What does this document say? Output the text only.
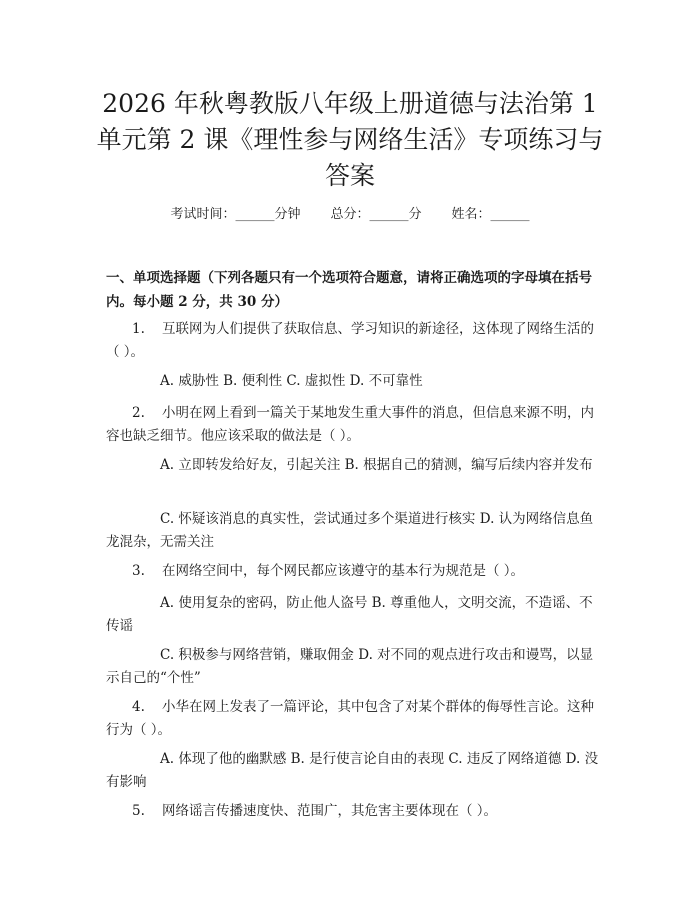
2026 年秋粤教版八年级上册道德与法治第 1 单元第 2 课《理性参与网络生活》专项练习与答案
考试时间：______分钟 总分：______分 姓名：______

一、单项选择题（下列各题只有一个选项符合题意，请将正确选项的字母填在括号内。每小题 2 分，共 30 分）

1. 互联网为人们提供了获取信息、学习知识的新途径，这体现了网络生活的（ ）。

A. 威胁性 B. 便利性 C. 虚拟性 D. 不可靠性

2. 小明在网上看到一篇关于某地发生重大事件的消息，但信息来源不明，内容也缺乏细节。他应该采取的做法是（ ）。

A. 立即转发给好友，引起关注 B. 根据自己的猜测，编写后续内容并发布

C. 怀疑该消息的真实性，尝试通过多个渠道进行核实 D. 认为网络信息鱼龙混杂，无需关注

3. 在网络空间中，每个网民都应该遵守的基本行为规范是（ ）。

A. 使用复杂的密码，防止他人盗号 B. 尊重他人，文明交流，不造谣、不传谣

C. 积极参与网络营销，赚取佣金 D. 对不同的观点进行攻击和谩骂，以显示自己的“个性”

4. 小华在网上发表了一篇评论，其中包含了对某个群体的侮辱性言论。这种行为（ ）。

A. 体现了他的幽默感 B. 是行使言论自由的表现 C. 违反了网络道德 D. 没有影响

5. 网络谣言传播速度快、范围广，其危害主要体现在（ ）。
